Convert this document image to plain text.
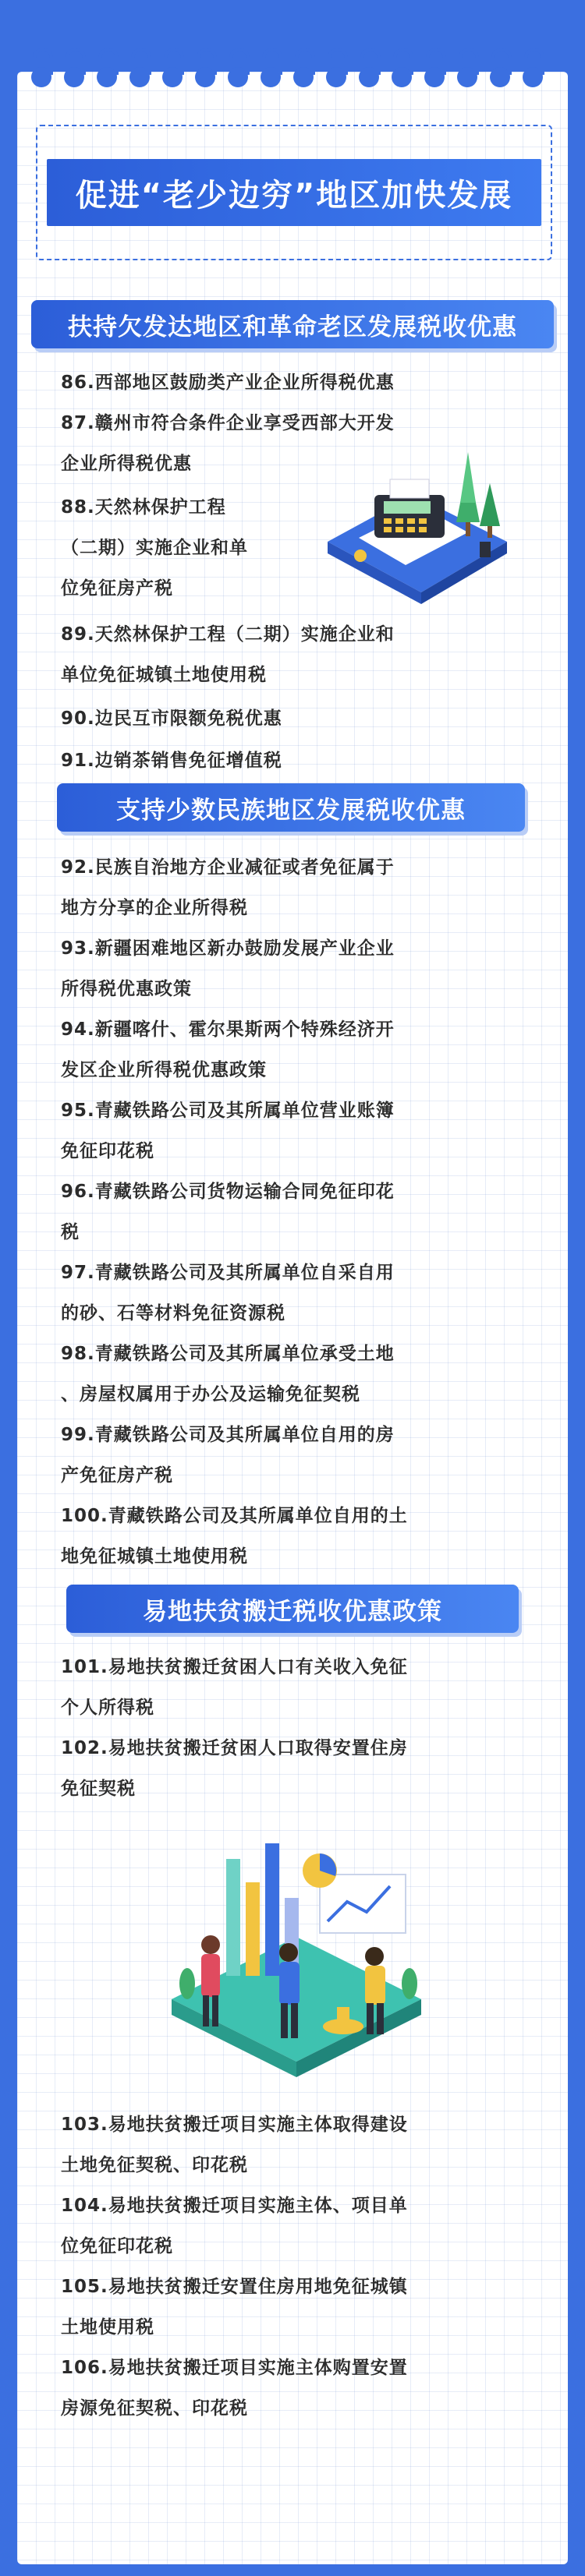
促进“老少边穷”地区加快发展
扶持欠发达地区和革命老区发展税收优惠
86.西部地区鼓励类产业企业所得税优惠
87.赣州市符合条件企业享受西部大开发
企业所得税优惠
88.天然林保护工程
（二期）实施企业和单
位免征房产税
89.天然林保护工程（二期）实施企业和
单位免征城镇土地使用税
90.边民互市限额免税优惠
91.边销茶销售免征增值税
支持少数民族地区发展税收优惠
92.民族自治地方企业减征或者免征属于
地方分享的企业所得税
93.新疆困难地区新办鼓励发展产业企业
所得税优惠政策
94.新疆喀什、霍尔果斯两个特殊经济开
发区企业所得税优惠政策
95.青藏铁路公司及其所属单位营业账簿
免征印花税
96.青藏铁路公司货物运输合同免征印花
税
97.青藏铁路公司及其所属单位自采自用
的砂、石等材料免征资源税
98.青藏铁路公司及其所属单位承受土地
、房屋权属用于办公及运输免征契税
99.青藏铁路公司及其所属单位自用的房
产免征房产税
100.青藏铁路公司及其所属单位自用的土
地免征城镇土地使用税
易地扶贫搬迁税收优惠政策
101.易地扶贫搬迁贫困人口有关收入免征
个人所得税
102.易地扶贫搬迁贫困人口取得安置住房
免征契税
103.易地扶贫搬迁项目实施主体取得建设
土地免征契税、印花税
104.易地扶贫搬迁项目实施主体、项目单
位免征印花税
105.易地扶贫搬迁安置住房用地免征城镇
土地使用税
106.易地扶贫搬迁项目实施主体购置安置
房源免征契税、印花税
